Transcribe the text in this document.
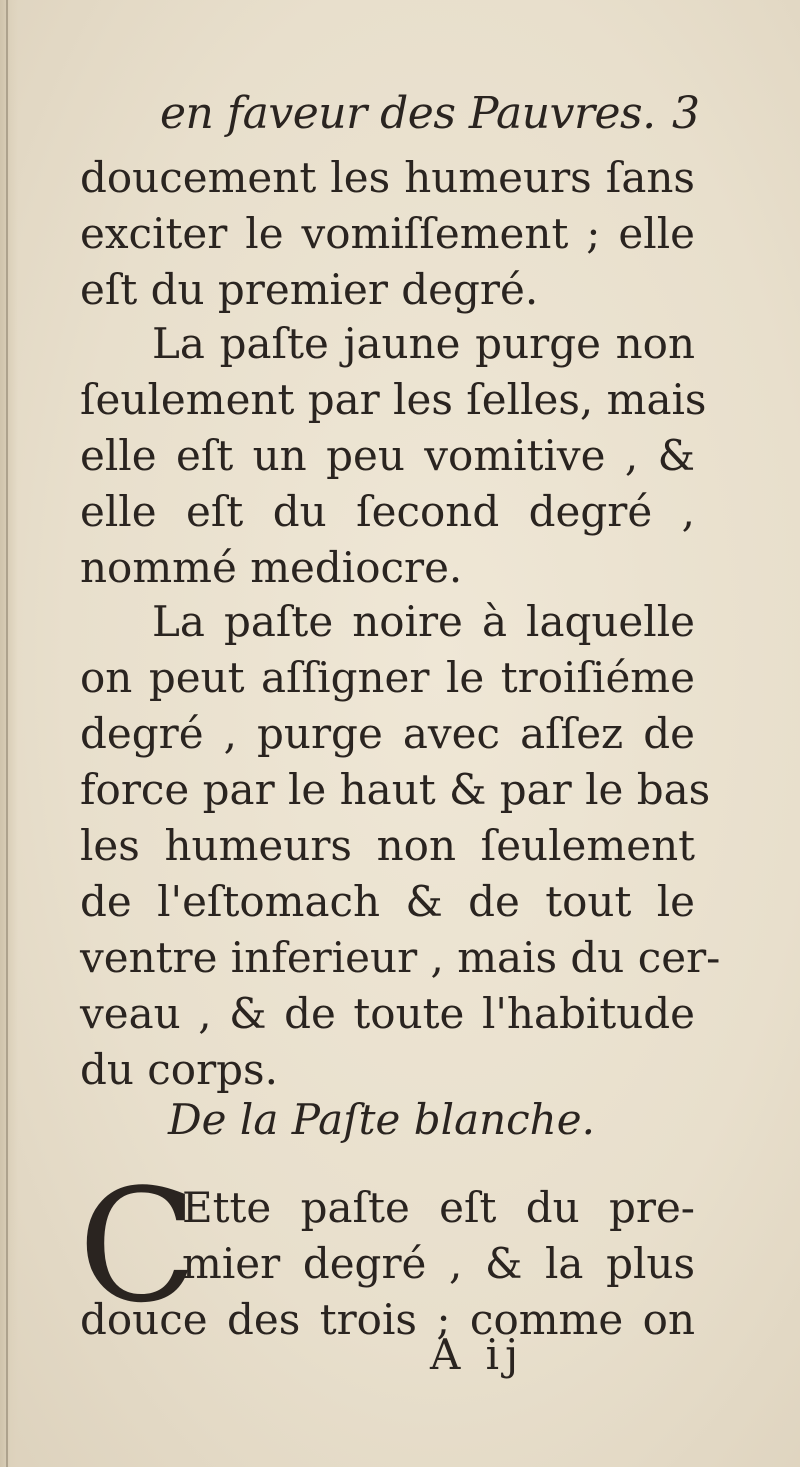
en faveur des Pauvres. 3
doucement les humeurs ſans
exciter le vomiſſement ; elle
eſt du premier degré.
La paſte jaune purge non
ſeulement par les ſelles, mais
elle eſt un peu vomitive , &
elle eſt du ſecond degré ,
nommé mediocre.
La paſte noire à laquelle
on peut aſſigner le troiſiéme
degré , purge avec aſſez de
force par le haut & par le bas
les humeurs non ſeulement
de l'eſtomach & de tout le
ventre inferieur , mais du cer-
veau , & de toute l'habitude
du corps.
De la Paſte blanche.
C
Ette paſte eſt du pre-
mier degré , & la plus
douce des trois ; comme on
A ij
